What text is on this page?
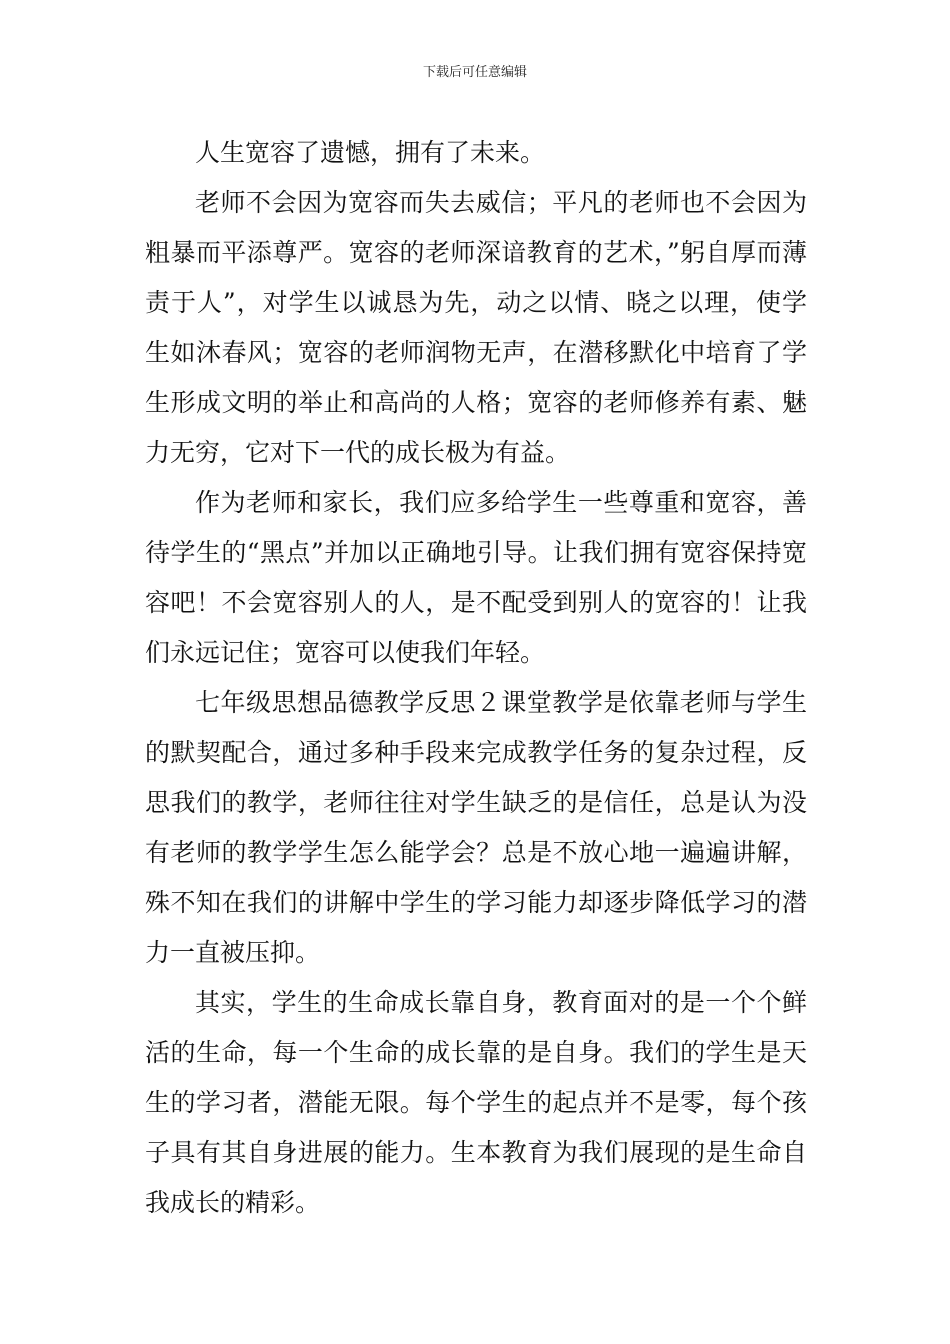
下载后可任意编辑

人生宽容了遗憾，拥有了未来。

老师不会因为宽容而失去威信；平凡的老师也不会因为粗暴而平添尊严。宽容的老师深谙教育的艺术，”躬自厚而薄责于人”，对学生以诚恳为先，动之以情、晓之以理，使学生如沐春风；宽容的老师润物无声，在潜移默化中培育了学生形成文明的举止和高尚的人格；宽容的老师修养有素、魅力无穷，它对下一代的成长极为有益。

作为老师和家长，我们应多给学生一些尊重和宽容，善待学生的“黑点”并加以正确地引导。让我们拥有宽容保持宽容吧！不会宽容别人的人，是不配受到别人的宽容的！让我们永远记住；宽容可以使我们年轻。

七年级思想品德教学反思２课堂教学是依靠老师与学生的默契配合，通过多种手段来完成教学任务的复杂过程，反思我们的教学，老师往往对学生缺乏的是信任，总是认为没有老师的教学学生怎么能学会？总是不放心地一遍遍讲解，殊不知在我们的讲解中学生的学习能力却逐步降低学习的潜力一直被压抑。

其实，学生的生命成长靠自身，教育面对的是一个个鲜活的生命，每一个生命的成长靠的是自身。我们的学生是天生的学习者，潜能无限。每个学生的起点并不是零，每个孩子具有其自身进展的能力。生本教育为我们展现的是生命自我成长的精彩。
